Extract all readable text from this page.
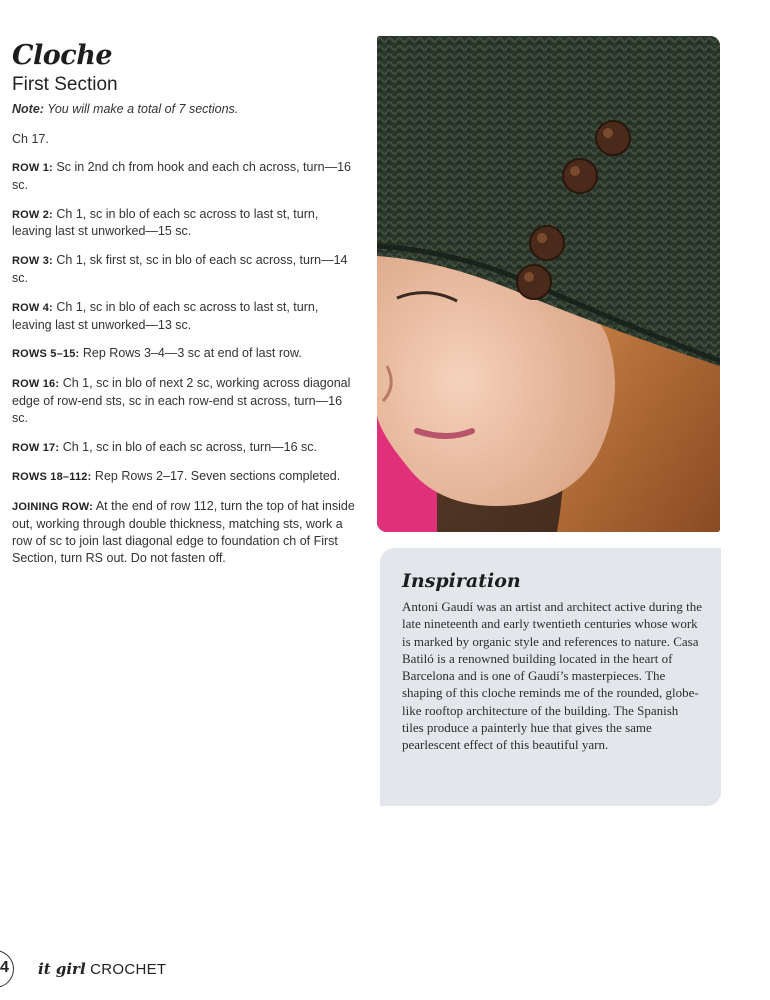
Cloche
First Section
Note: You will make a total of 7 sections.
Ch 17.
ROW 1: Sc in 2nd ch from hook and each ch across, turn—16 sc.
ROW 2: Ch 1, sc in blo of each sc across to last st, turn, leaving last st unworked—15 sc.
ROW 3: Ch 1, sk first st, sc in blo of each sc across, turn—14 sc.
ROW 4: Ch 1, sc in blo of each sc across to last st, turn, leaving last st unworked—13 sc.
ROWS 5–15: Rep Rows 3–4—3 sc at end of last row.
ROW 16: Ch 1, sc in blo of next 2 sc, working across diagonal edge of row-end sts, sc in each row-end st across, turn—16 sc.
ROW 17: Ch 1, sc in blo of each sc across, turn—16 sc.
ROWS 18–112: Rep Rows 2–17. Seven sections completed.
JOINING ROW: At the end of row 112, turn the top of hat inside out, working through double thickness, matching sts, work a row of sc to join last diagonal edge to foundation ch of First Section, turn RS out. Do not fasten off.
Inspiration
Antoni Gaudí was an artist and architect active during the late nineteenth and early twentieth centuries whose work is marked by organic style and references to nature. Casa Batiló is a renowned building located in the heart of Barcelona and is one of Gaudí’s masterpieces. The shaping of this cloche reminds me of the rounded, globe-like rooftop architecture of the building. The Spanish tiles produce a painterly hue that gives the same pearlescent effect of this beautiful yarn.
4 it girl CROCHET
